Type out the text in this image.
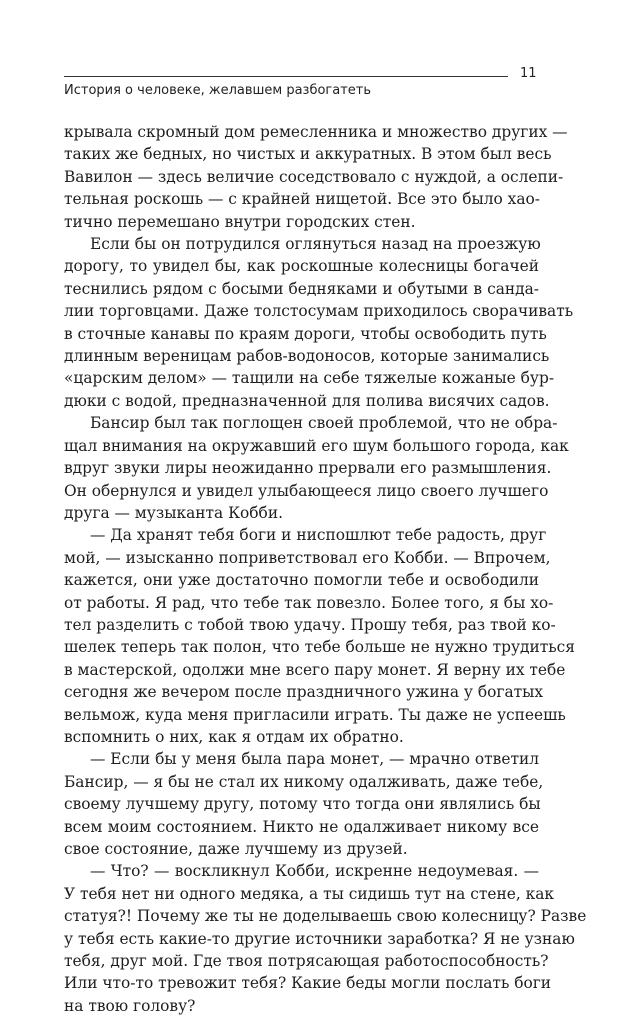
11
История о человеке, желавшем разбогатеть
крывала скромный дом ремесленника и множество других —
таких же бедных, но чистых и аккуратных. В этом был весь
Вавилон — здесь величие соседствовало с нуждой, а ослепи-
тельная роскошь — с крайней нищетой. Все это было хао-
тично перемешано внутри городских стен.
Если бы он потрудился оглянуться назад на проезжую
дорогу, то увидел бы, как роскошные колесницы богачей
теснились рядом с босыми бедняками и обутыми в санда-
лии торговцами. Даже толстосумам приходилось сворачивать
в сточные канавы по краям дороги, чтобы освободить путь
длинным вереницам рабов-водоносов, которые занимались
«царским делом» — тащили на себе тяжелые кожаные бур-
дюки с водой, предназначенной для полива висячих садов.
Бансир был так поглощен своей проблемой, что не обра-
щал внимания на окружавший его шум большого города, как
вдруг звуки лиры неожиданно прервали его размышления.
Он обернулся и увидел улыбающееся лицо своего лучшего
друга — музыканта Кобби.
— Да хранят тебя боги и ниспошлют тебе радость, друг
мой, — изысканно поприветствовал его Кобби. — Впрочем,
кажется, они уже достаточно помогли тебе и освободили
от работы. Я рад, что тебе так повезло. Более того, я бы хо-
тел разделить с тобой твою удачу. Прошу тебя, раз твой ко-
шелек теперь так полон, что тебе больше не нужно трудиться
в мастерской, одолжи мне всего пару монет. Я верну их тебе
сегодня же вечером после праздничного ужина у богатых
вельмож, куда меня пригласили играть. Ты даже не успеешь
вспомнить о них, как я отдам их обратно.
— Если бы у меня была пара монет, — мрачно ответил
Бансир, — я бы не стал их никому одалживать, даже тебе,
своему лучшему другу, потому что тогда они являлись бы
всем моим состоянием. Никто не одалживает никому все
свое состояние, даже лучшему из друзей.
— Что? — воскликнул Кобби, искренне недоумевая. —
У тебя нет ни одного медяка, а ты сидишь тут на стене, как
статуя?! Почему же ты не доделываешь свою колесницу? Разве
у тебя есть какие-то другие источники заработка? Я не узнаю
тебя, друг мой. Где твоя потрясающая работоспособность?
Или что-то тревожит тебя? Какие беды могли послать боги
на твою голову?
